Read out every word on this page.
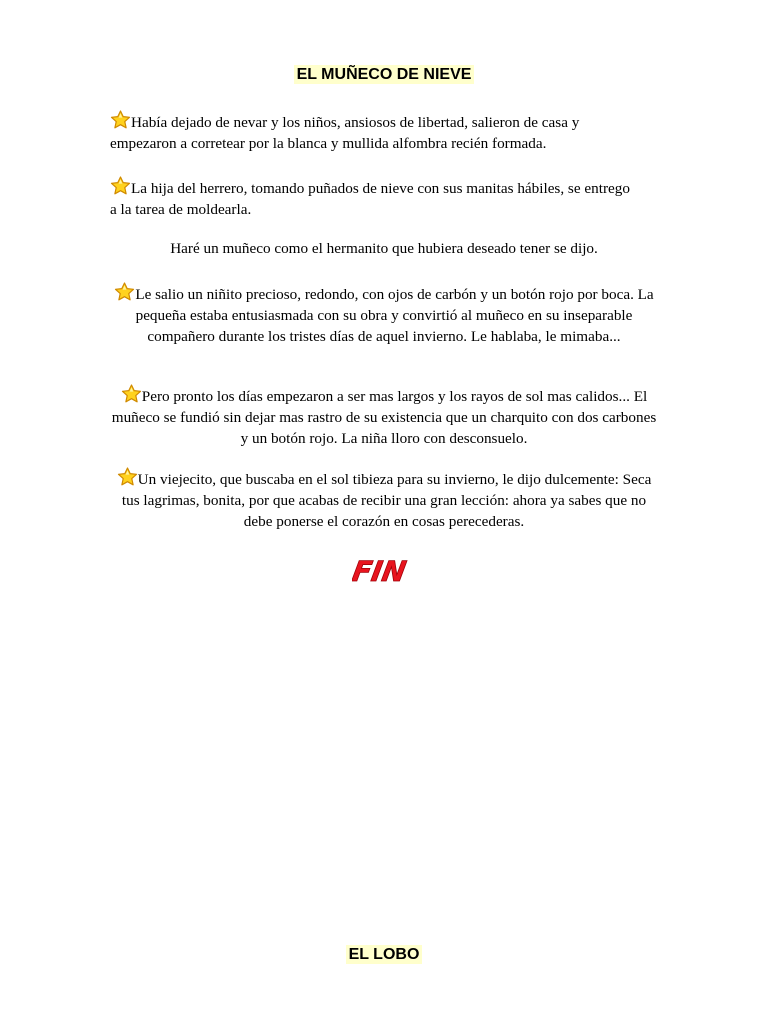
EL MUÑECO DE NIEVE

Había dejado de nevar y los niños, ansiosos de libertad, salieron de casa y empezaron a corretear por la blanca y mullida alfombra recién formada.

La hija del herrero, tomando puñados de nieve con sus manitas hábiles, se entrego a la tarea de moldearla.

Haré un muñeco como el hermanito que hubiera deseado tener se dijo.

Le salio un niñito precioso, redondo, con ojos de carbón y un botón rojo por boca. La pequeña estaba entusiasmada con su obra y convirtió al muñeco en su inseparable compañero durante los tristes días de aquel invierno. Le hablaba, le mimaba...

Pero pronto los días empezaron a ser mas largos y los rayos de sol mas calidos... El muñeco se fundió sin dejar mas rastro de su existencia que un charquito con dos carbones y un botón rojo. La niña lloro con desconsuelo.

Un viejecito, que buscaba en el sol tibieza para su invierno, le dijo dulcemente: Seca tus lagrimas, bonita, por que acabas de recibir una gran lección: ahora ya sabes que no debe ponerse el corazón en cosas perecederas.

FIN
EL LOBO
